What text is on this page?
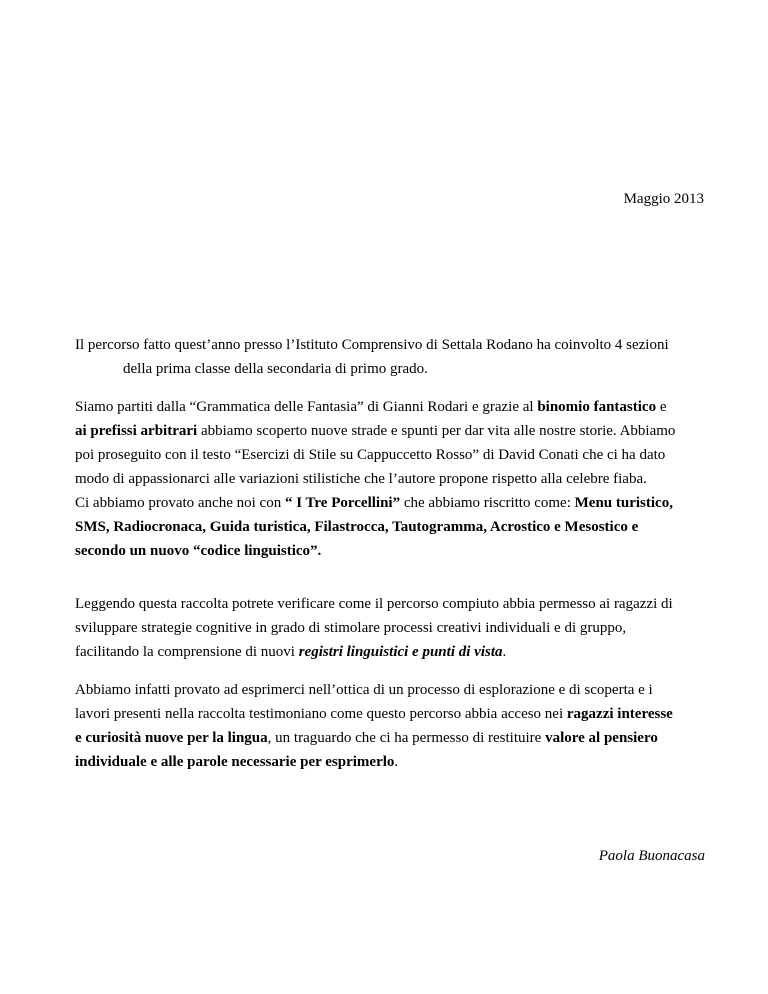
Maggio 2013

Il percorso fatto quest’anno presso l’Istituto Comprensivo di Settala Rodano ha coinvolto 4 sezioni
della prima classe della secondaria di primo grado.

Siamo partiti dalla “Grammatica delle Fantasia” di Gianni Rodari e grazie al binomio fantastico e
ai prefissi arbitrari abbiamo scoperto nuove strade e spunti per dar vita alle nostre storie. Abbiamo
poi proseguito con il testo “Esercizi di Stile su Cappuccetto Rosso” di David Conati che ci ha dato
modo di appassionarci alle variazioni stilistiche che l’autore propone rispetto alla celebre fiaba.
Ci abbiamo provato anche noi con “ I Tre Porcellini” che abbiamo riscritto come: Menu turistico,
SMS, Radiocronaca, Guida turistica, Filastrocca, Tautogramma, Acrostico e Mesostico e
secondo un nuovo “codice linguistico”.

Leggendo questa raccolta potrete verificare come il percorso compiuto abbia permesso ai ragazzi di
sviluppare strategie cognitive in grado di stimolare processi creativi individuali e di gruppo,
facilitando la comprensione di nuovi registri linguistici e punti di vista.

Abbiamo infatti provato ad esprimerci nell’ottica di un processo di esplorazione e di scoperta e i
lavori presenti nella raccolta testimoniano come questo percorso abbia acceso nei ragazzi interesse
e curiosità nuove per la lingua, un traguardo che ci ha permesso di restituire valore al pensiero
individuale e alle parole necessarie per esprimerlo.

Paola Buonacasa
